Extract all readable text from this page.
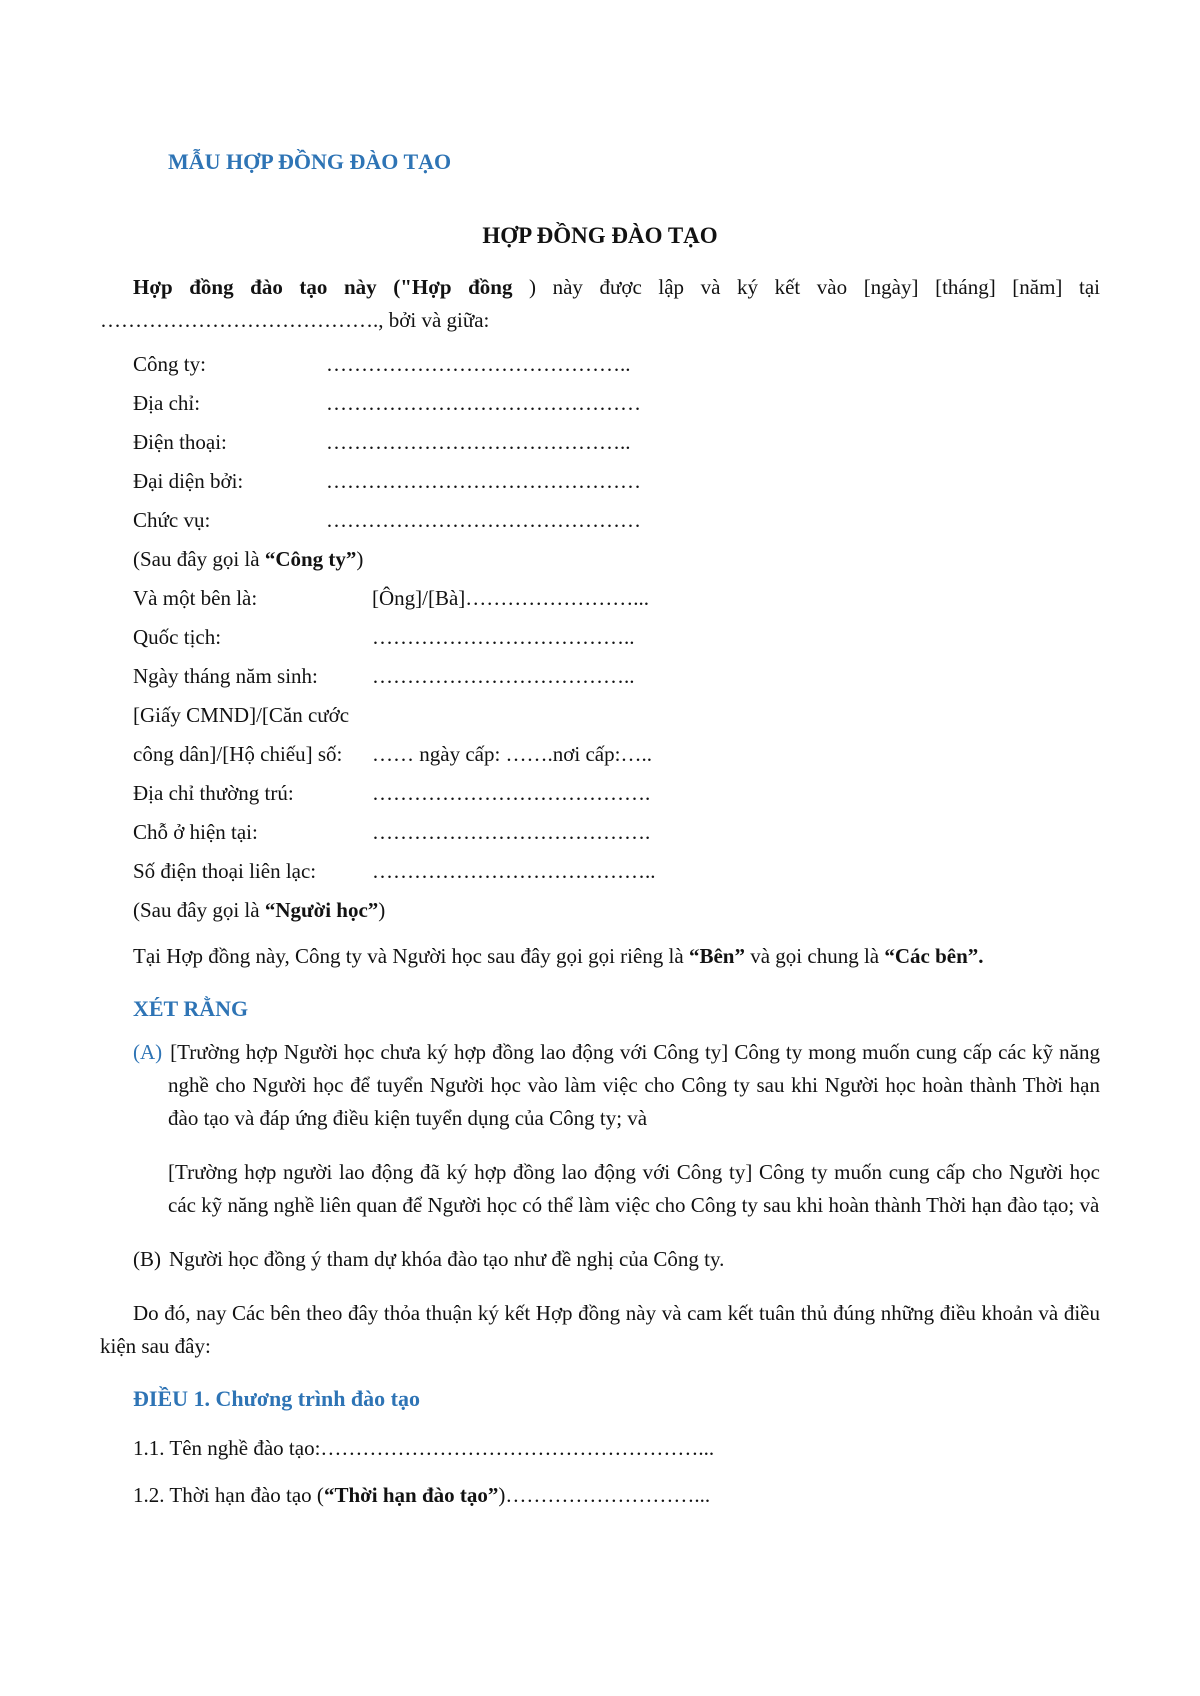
MẪU HỢP ĐỒNG ĐÀO TẠO
HỢP ĐỒNG ĐÀO TẠO

Hợp đồng đào tạo này ("Hợp đồng ) này được lập và ký kết vào [ngày] [tháng] [năm] tại …………………………………., bởi và giữa:

Công ty:	……………………………………..
Địa chỉ:	………………………………………
Điện thoại:	……………………………………..
Đại diện bởi:	………………………………………
Chức vụ:	………………………………………
(Sau đây gọi là “Công ty”)
Và một bên là:	[Ông]/[Bà]……………………...
Quốc tịch:	………………………………..
Ngày tháng năm sinh:	………………………………..
[Giấy CMND]/[Căn cước
công dân]/[Hộ chiếu] số:	…… ngày cấp: …….nơi cấp:…..
Địa chỉ thường trú:	………………………………….
Chỗ ở hiện tại:	………………………………….
Số điện thoại liên lạc:	…………………………………..
(Sau đây gọi là “Người học”)

Tại Hợp đồng này, Công ty và Người học sau đây gọi gọi riêng là “Bên” và gọi chung là “Các bên”.

XÉT RẰNG

(A) [Trường hợp Người học chưa ký hợp đồng lao động với Công ty] Công ty mong muốn cung cấp các kỹ năng nghề cho Người học để tuyển Người học vào làm việc cho Công ty sau khi Người học hoàn thành Thời hạn đào tạo và đáp ứng điều kiện tuyển dụng của Công ty; và

[Trường hợp người lao động đã ký hợp đồng lao động với Công ty] Công ty muốn cung cấp cho Người học các kỹ năng nghề liên quan để Người học có thể làm việc cho Công ty sau khi hoàn thành Thời hạn đào tạo; và

(B) Người học đồng ý tham dự khóa đào tạo như đề nghị của Công ty.

Do đó, nay Các bên theo đây thỏa thuận ký kết Hợp đồng này và cam kết tuân thủ đúng những điều khoản và điều kiện sau đây:

ĐIỀU 1. Chương trình đào tạo
1.1. Tên nghề đào tạo:………………………………………………...
1.2. Thời hạn đào tạo (“Thời hạn đào tạo”)………………………...
